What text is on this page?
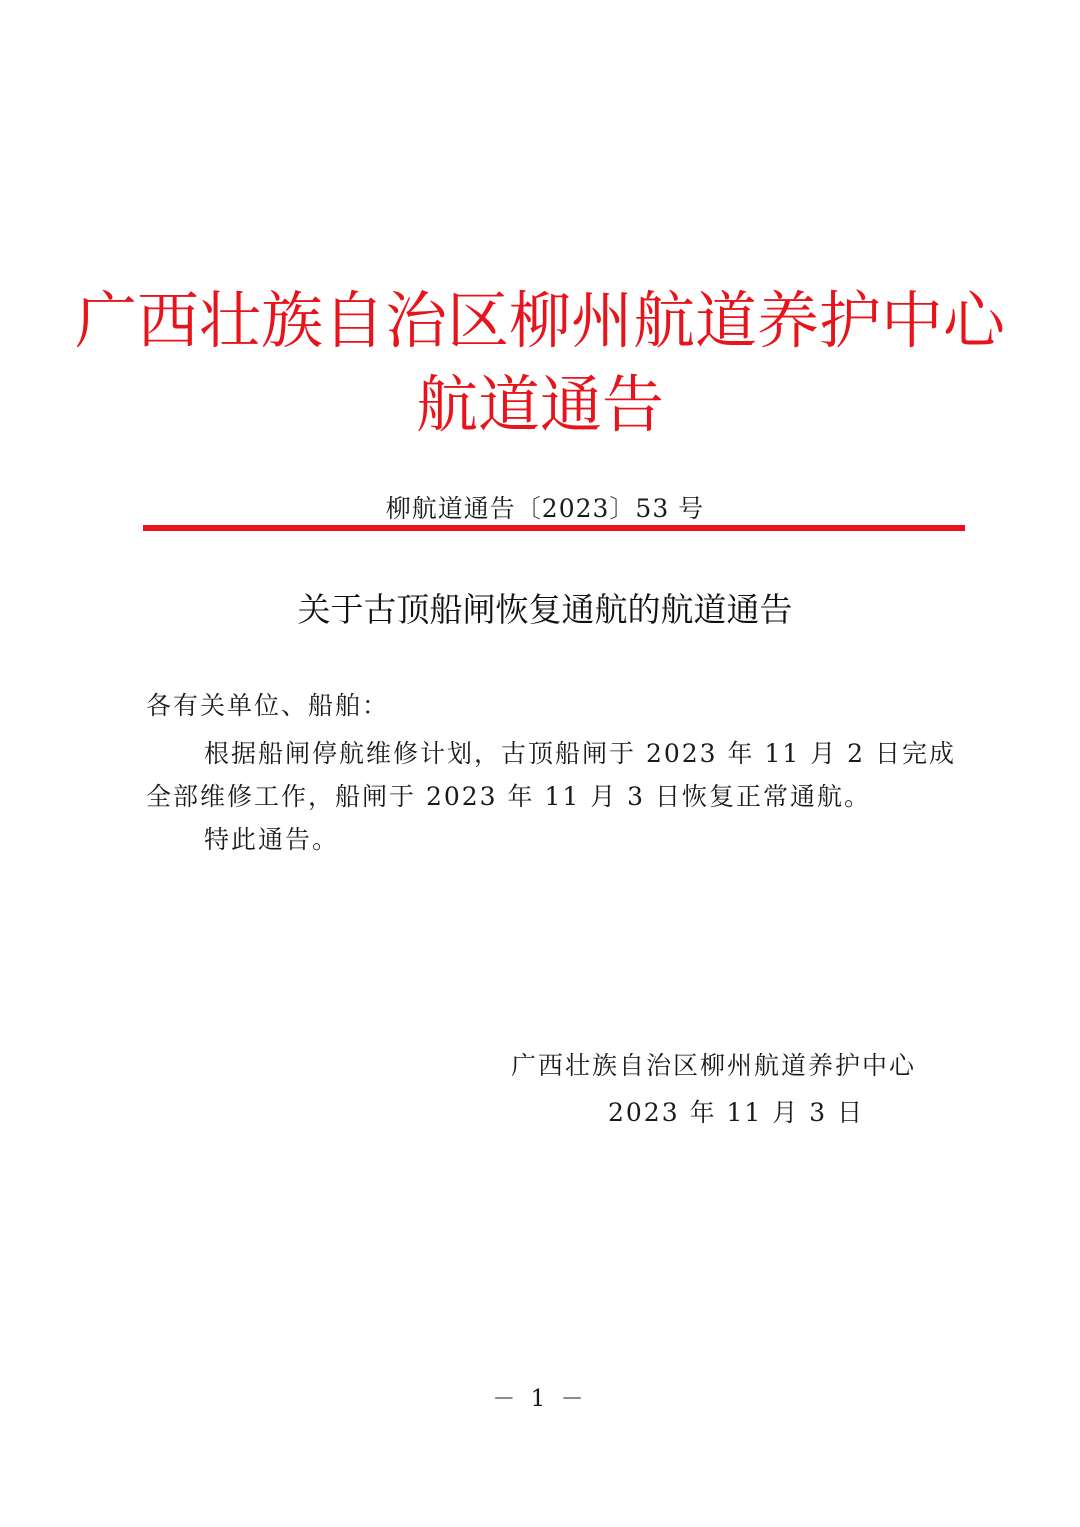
广西壮族自治区柳州航道养护中心
航道通告
柳航道通告〔2023〕53 号
关于古顶船闸恢复通航的航道通告
各有关单位、船舶：
根据船闸停航维修计划，古顶船闸于 2023 年 11 月 2 日完成
全部维修工作，船闸于 2023 年 11 月 3 日恢复正常通航。
特此通告。
广西壮族自治区柳州航道养护中心
2023 年 11 月 3 日
－ 1 －
